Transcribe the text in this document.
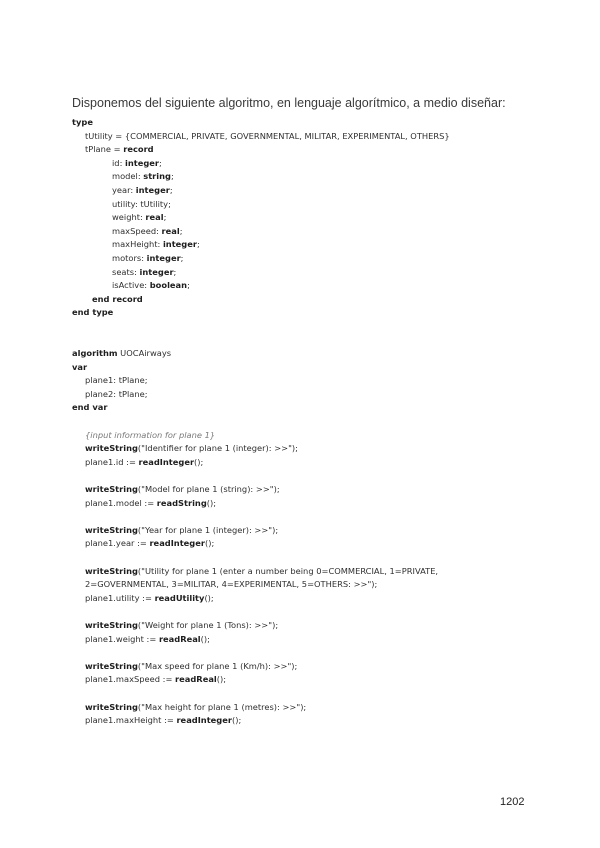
Disponemos del siguiente algoritmo, en lenguaje algorítmico, a medio diseñar:
type
tUtility = {COMMERCIAL, PRIVATE, GOVERNMENTAL, MILITAR, EXPERIMENTAL, OTHERS}
tPlane = record
id: integer;
model: string;
year: integer;
utility: tUtility;
weight: real;
maxSpeed: real;
maxHeight: integer;
motors: integer;
seats: integer;
isActive: boolean;
end record
end type
algorithm UOCAirways
var
plane1: tPlane;
plane2: tPlane;
end var
{input information for plane 1}
writeString("Identifier for plane 1 (integer): >>");
plane1.id := readInteger();
writeString("Model for plane 1 (string): >>");
plane1.model := readString();
writeString("Year for plane 1 (integer): >>");
plane1.year := readInteger();
writeString("Utility for plane 1 (enter a number being 0=COMMERCIAL, 1=PRIVATE,
2=GOVERNMENTAL, 3=MILITAR, 4=EXPERIMENTAL, 5=OTHERS: >>");
plane1.utility := readUtility();
writeString("Weight for plane 1 (Tons): >>");
plane1.weight := readReal();
writeString("Max speed for plane 1 (Km/h): >>");
plane1.maxSpeed := readReal();
writeString("Max height for plane 1 (metres): >>");
plane1.maxHeight := readInteger();
1202
